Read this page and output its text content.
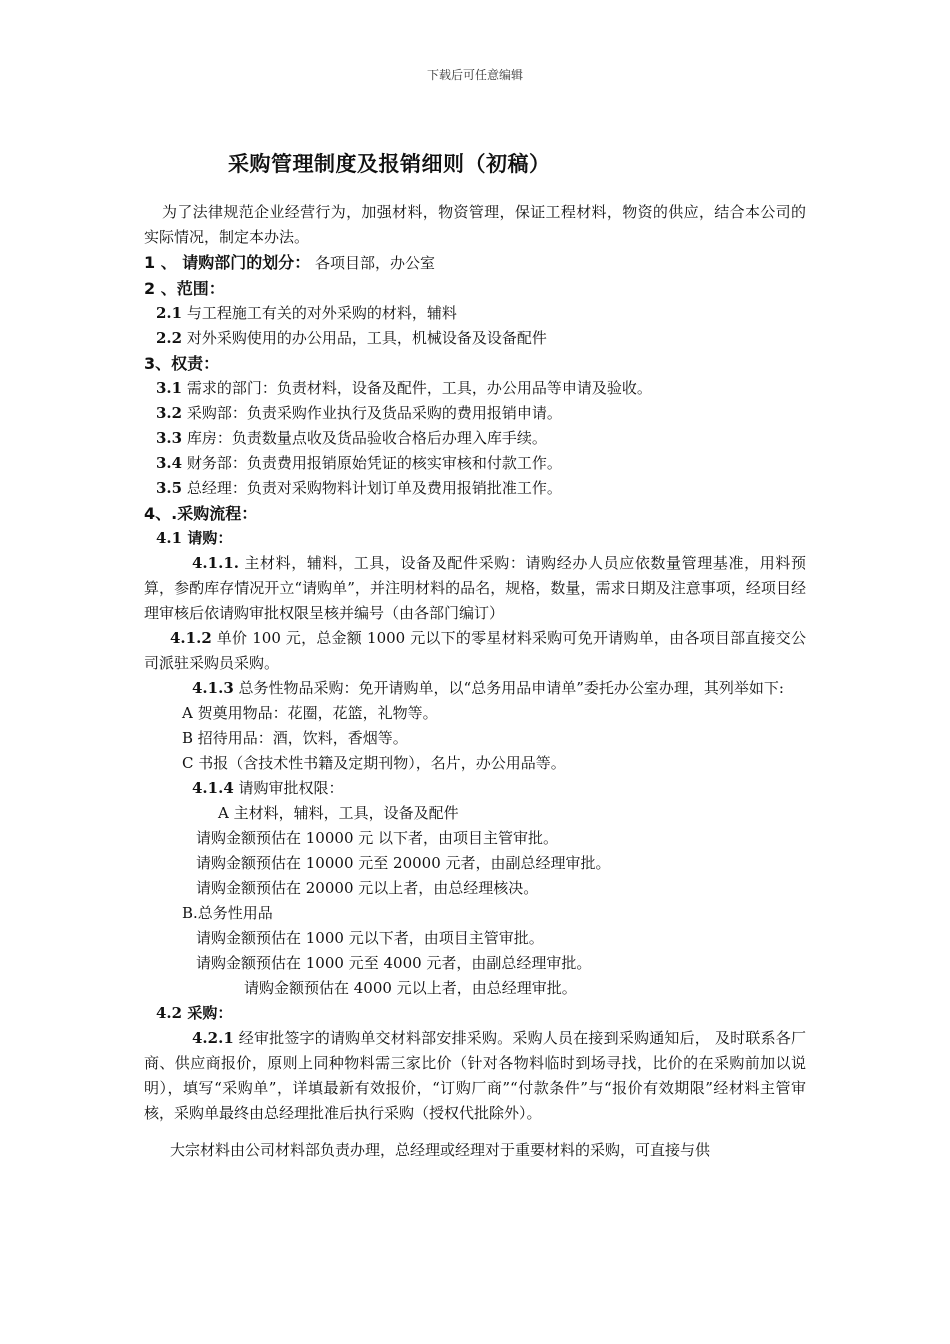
下载后可任意编辑
采购管理制度及报销细则（初稿）

为了法律规范企业经营行为，加强材料，物资管理，保证工程材料，物资的供应，结合本公司的实际情况，制定本办法。

1 、 请购部门的划分： 各项目部，办公室

2 、范围：

2.1 与工程施工有关的对外采购的材料，辅料

2.2 对外采购使用的办公用品，工具，机械设备及设备配件

3、权责：

3.1 需求的部门：负责材料，设备及配件，工具，办公用品等申请及验收。

3.2 采购部：负责采购作业执行及货品采购的费用报销申请。

3.3 库房：负责数量点收及货品验收合格后办理入库手续。

3.4 财务部：负责费用报销原始凭证的核实审核和付款工作。

3.5 总经理：负责对采购物料计划订单及费用报销批准工作。

4、.采购流程：

4.1 请购：

4.1.1. 主材料，辅料，工具，设备及配件采购：请购经办人员应依数量管理基准，用料预算，参酌库存情况开立“请购单”，并注明材料的品名，规格，数量，需求日期及注意事项，经项目经理审核后依请购审批权限呈核并编号（由各部门编订）

4.1.2 单价 100 元，总金额 1000 元以下的零星材料采购可免开请购单，由各项目部直接交公司派驻采购员采购。

4.1.3 总务性物品采购：免开请购单，以“总务用品申请单”委托办公室办理，其列举如下:

A 贺奠用物品：花圈，花篮，礼物等。

B 招待用品：酒，饮料，香烟等。

C 书报（含技术性书籍及定期刊物），名片，办公用品等。

4.1.4 请购审批权限：

A 主材料，辅料，工具，设备及配件

请购金额预估在 10000 元 以下者，由项目主管审批。

请购金额预估在 10000 元至 20000 元者，由副总经理审批。

请购金额预估在 20000 元以上者，由总经理核决。

B.总务性用品

请购金额预估在 1000 元以下者，由项目主管审批。

请购金额预估在 1000 元至 4000 元者，由副总经理审批。

请购金额预估在 4000 元以上者，由总经理审批。

4.2 采购：

4.2.1 经审批签字的请购单交材料部安排采购。采购人员在接到采购通知后， 及时联系各厂商、供应商报价，原则上同种物料需三家比价（针对各物料临时到场寻找，比价的在采购前加以说明），填写“采购单”，详填最新有效报价，“订购厂商”“付款条件”与“报价有效期限”经材料主管审核，采购单最终由总经理批准后执行采购（授权代批除外）。

大宗材料由公司材料部负责办理，总经理或经理对于重要材料的采购，可直接与供
